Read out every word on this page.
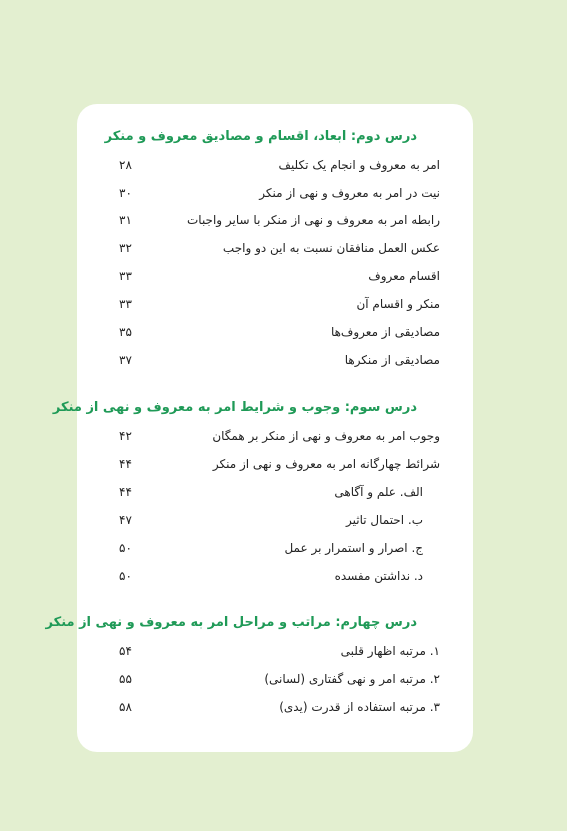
درس دوم: ابعاد، اقسام و مصادیق معروف و منکر
امر به معروف و انجام یک تکلیف
۲۸
نیت در امر به معروف و نهی از منکر
۳۰
رابطه امر به معروف و نهی از منکر با سایر واجبات
۳۱
عکس العمل منافقان نسبت به این دو واجب
۳۲
اقسام معروف
۳۳
منکر و اقسام آن
۳۳
مصادیقی از معروف‌ها
۳۵
مصادیقی از منکرها
۳۷
درس سوم: وجوب و شرایط امر به معروف و نهی از منکر
وجوب امر به معروف و نهی از منکر بر همگان
۴۲
شرائط چهارگانه امر به معروف و نهی از منکر
۴۴
الف. علم و آگاهی
۴۴
ب. احتمال تاثیر
۴۷
ج. اصرار و استمرار بر عمل
۵۰
د. نداشتن مفسده
۵۰
درس چهارم: مراتب و مراحل امر به معروف و نهی از منکر
۱. مرتبه اظهار قلبی
۵۴
۲. مرتبه امر و نهی گفتاری (لسانی)
۵۵
۳. مرتبه استفاده از قدرت (یدی)
۵۸
